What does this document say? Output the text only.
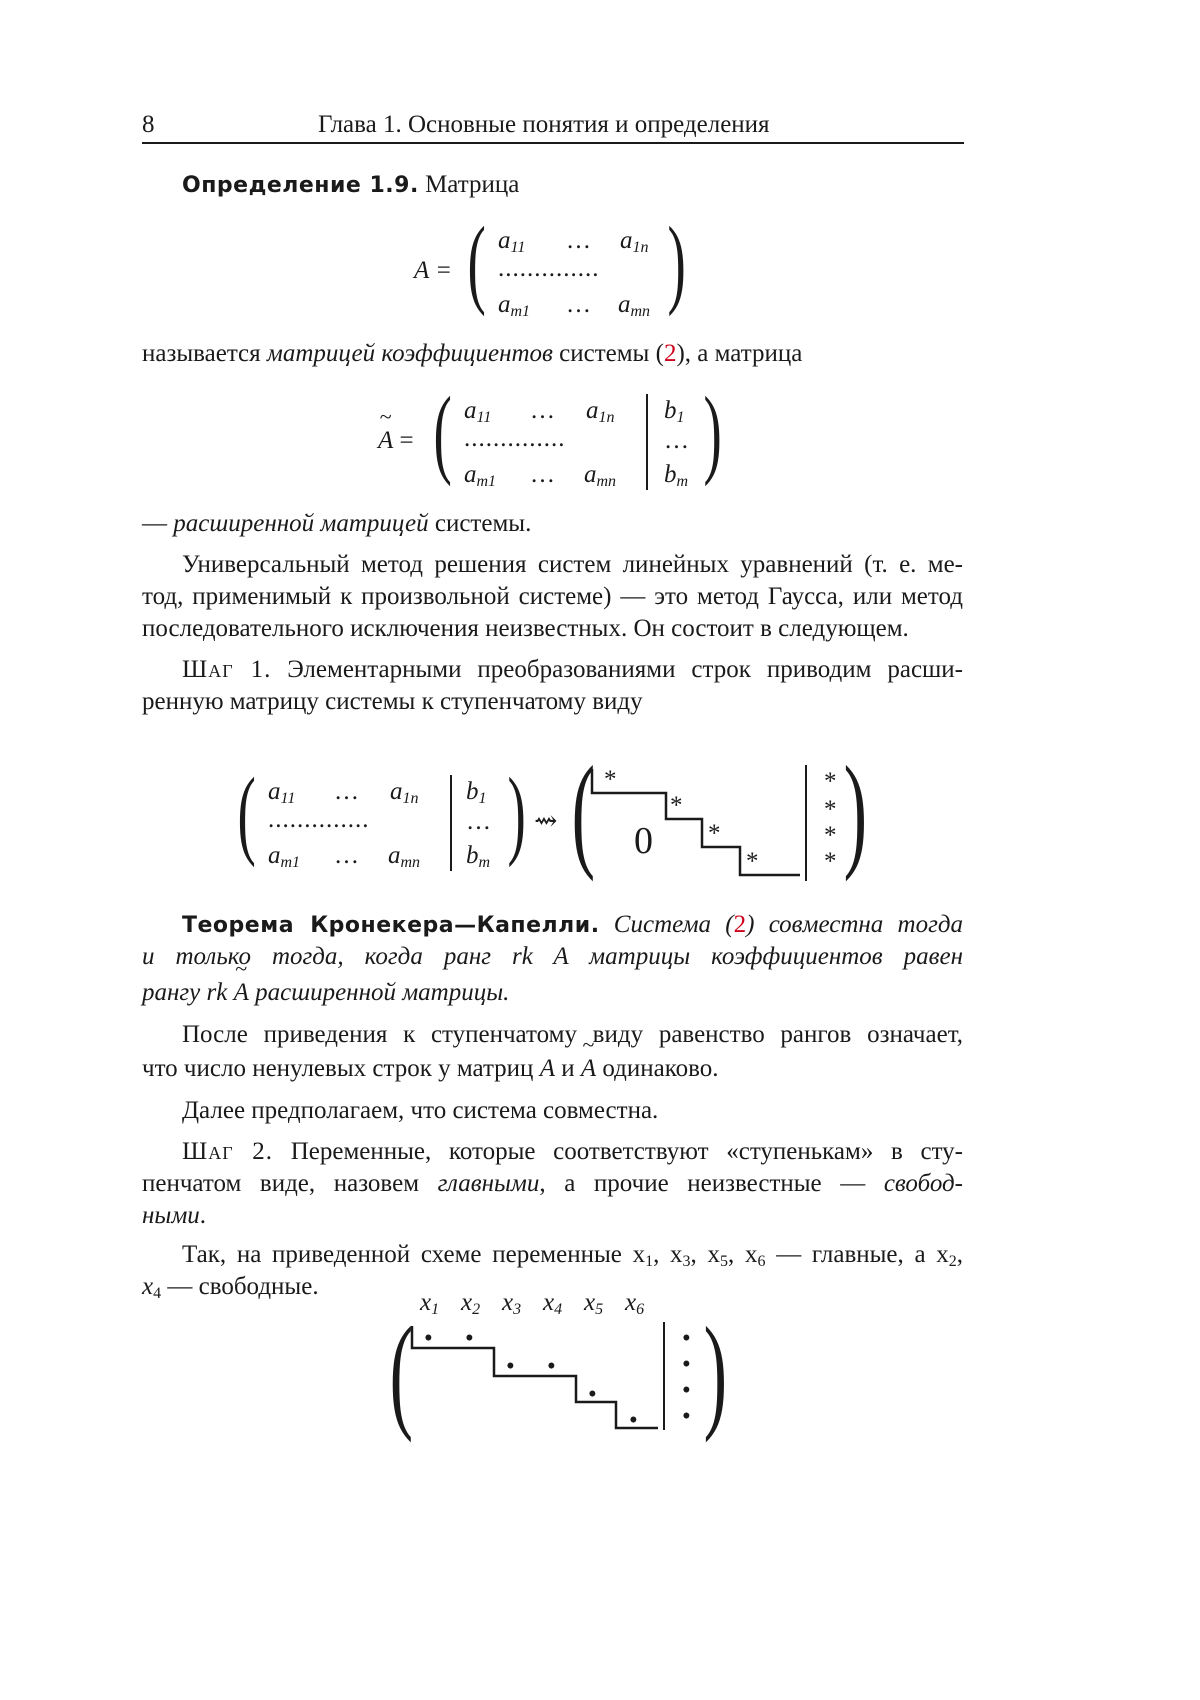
8	Глава 1. Основные понятия и определения
Определение 1.9. Матрица
A = ( $a_{11}$ … $a_{1n}$
..............
$a_{m1}$ … $a_{mn}$ )
называется матрицей коэффициентов системы (2), а матрица
~ A = ( $a_{11}$ … $a_{1n}$
..............
$a_{m1}$ … $a_{mn}$
$b_1$
…
$b_m$ )
— расширенной матрицей системы.
Универсальный метод решения систем линейных уравнений (т. е. ме-
тод, применимый к произвольной системе) — это метод Гаусса, или метод
последовательного исключения неизвестных. Он состоит в следующем.
Шаг 1. Элементарными преобразованиями строк приводим расши-
ренную матрицу системы к ступенчатому виду
( $a_{11}$ … $a_{1n}$
..............
$a_{m1}$ … $a_{mn}$
$b_1$
…
$b_m$ ) ⇝ ( *
*
*
*
0
*
*
*
* )
Теорема Кронекера—Капелли. Система (2) совместна тогда
и только тогда, когда ранг rk A матрицы коэффициентов равен
рангу rk ~ A расширенной матрицы.
После приведения к ступенчатому виду равенство рангов означает,
что число ненулевых строк у матриц A и ~ A одинаково.
Далее предполагаем, что система совместна.
Шаг 2. Переменные, которые соответствуют «ступенькам» в сту-
пенчатом виде, назовем главными, а прочие неизвестные — свобод-
ными.
Так, на приведенной схеме переменные $x_1$, $x_3$, $x_5$, $x_6$ — главные, а $x_2$,
$x_4$ — свободные.
$x_1$ $x_2$ $x_3$ $x_4$ $x_5$ $x_6$
( • •
• •
•
•
•
•
•
• )
